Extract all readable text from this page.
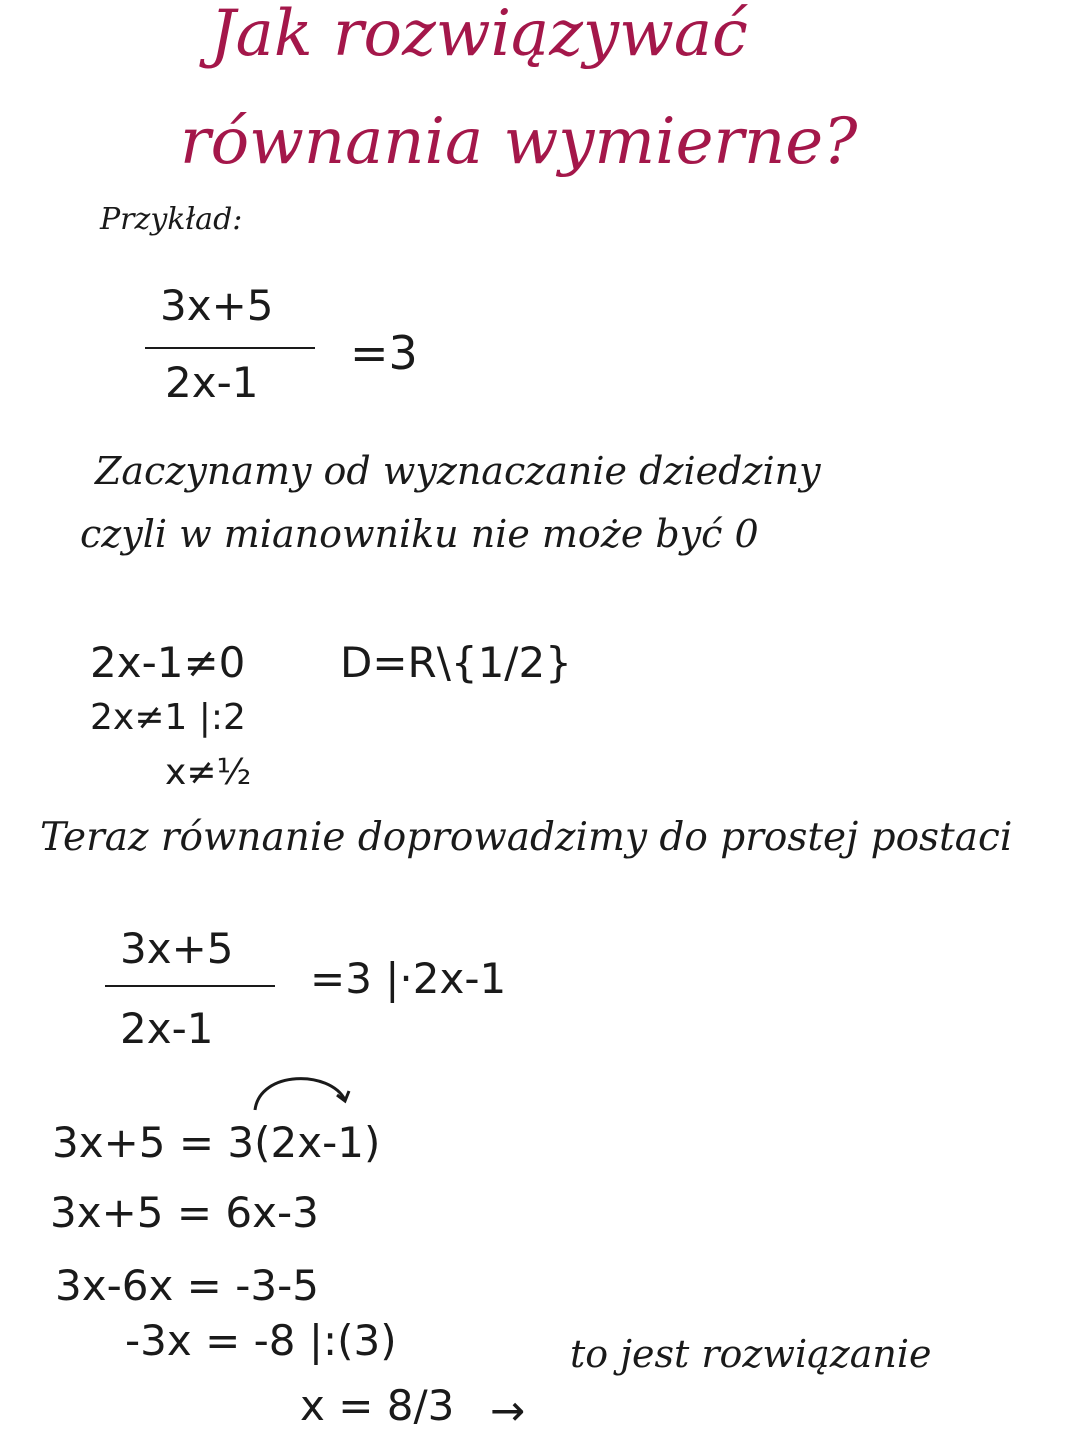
Jak rozwiązywać
równania wymierne?
Przykład:
3x+5
2x-1
=3
Zaczynamy od wyznaczanie dziedziny
czyli w mianowniku nie może być 0
2x-1≠0 D=R\{1/2}
2x≠1 |:2
x≠½
Teraz równanie doprowadzimy do prostej postaci
3x+5
2x-1
=3 |·2x-1
3x+5 = 3(2x-1)
3x+5 = 6x-3
3x-6x = -3-5
-3x = -8 |:(3)
x = 8/3 →
to jest rozwiązanie
